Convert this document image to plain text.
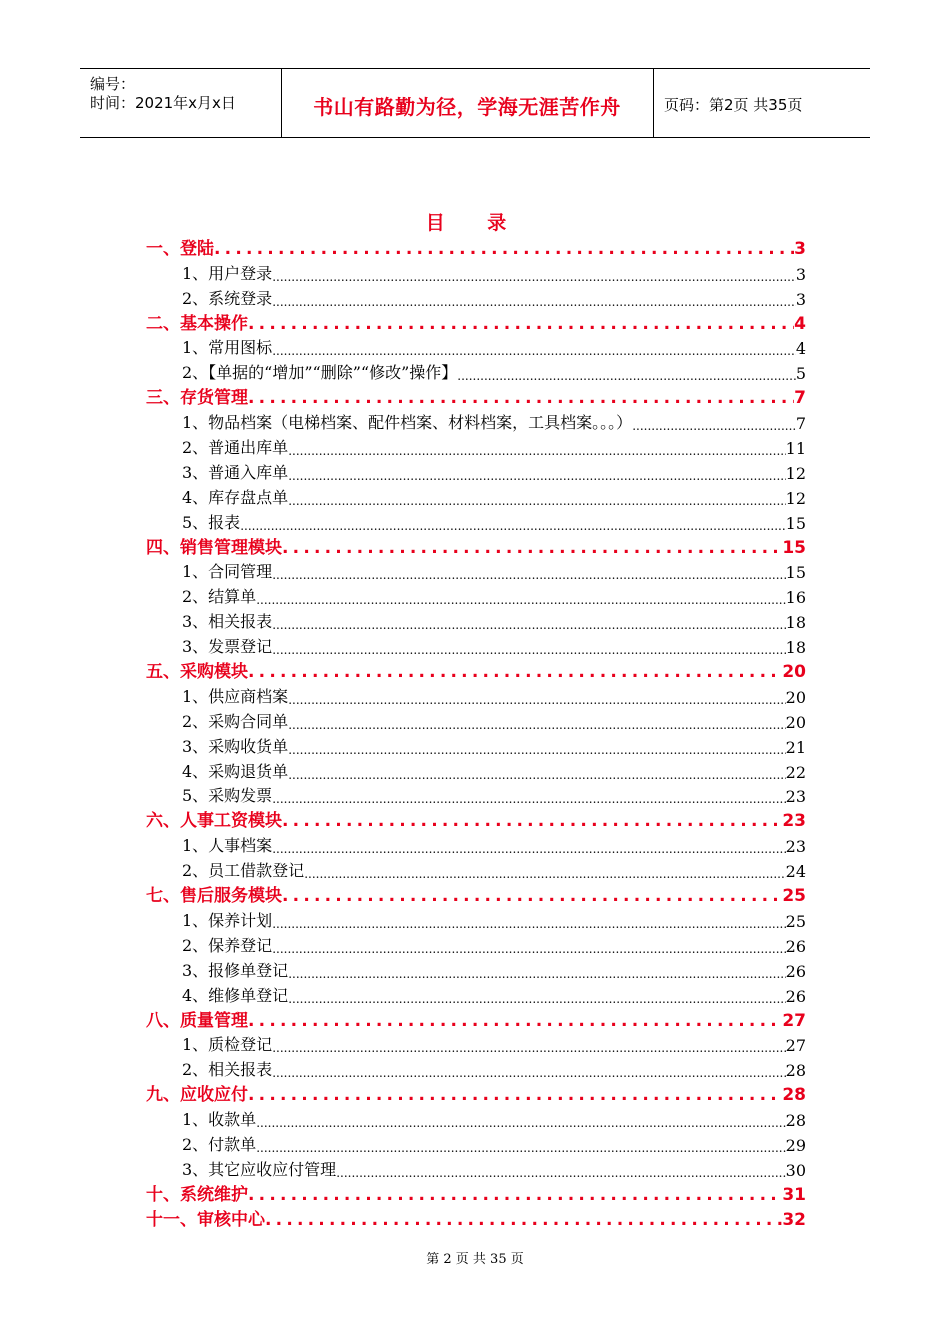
编号：
时间：2021年x月x日	书山有路勤为径，学海无涯苦作舟	页码：第2页 共35页
目 录
一、登陆 .....	3
1、用户登录 .....	3
2、系统登录 .....	3
二、基本操作 .....	4
1、常用图标 .....	4
2、【单据的“增加”“删除”“修改”操作】 .....	5
三、存货管理 .....	7
1、物品档案（电梯档案、配件档案、材料档案，工具档案。。。） .....	7
2、普通出库单 .....	11
3、普通入库单 .....	12
4、库存盘点单 .....	12
5、报表 .....	15
四、销售管理模块 .....	15
1、合同管理 .....	15
2、结算单 .....	16
3、相关报表 .....	18
3、发票登记 .....	18
五、采购模块 .....	20
1、供应商档案 .....	20
2、采购合同单 .....	20
3、采购收货单 .....	21
4、采购退货单 .....	22
5、采购发票 .....	23
六、人事工资模块 .....	23
1、人事档案 .....	23
2、员工借款登记 .....	24
七、售后服务模块 .....	25
1、保养计划 .....	25
2、保养登记 .....	26
3、报修单登记 .....	26
4、维修单登记 .....	26
八、质量管理 .....	27
1、质检登记 .....	27
2、相关报表 .....	28
九、应收应付 .....	28
1、收款单 .....	28
2、付款单 .....	29
3、其它应收应付管理 .....	30
十、系统维护 .....	31
十一、审核中心 .....	32
第 2 页 共 35 页
